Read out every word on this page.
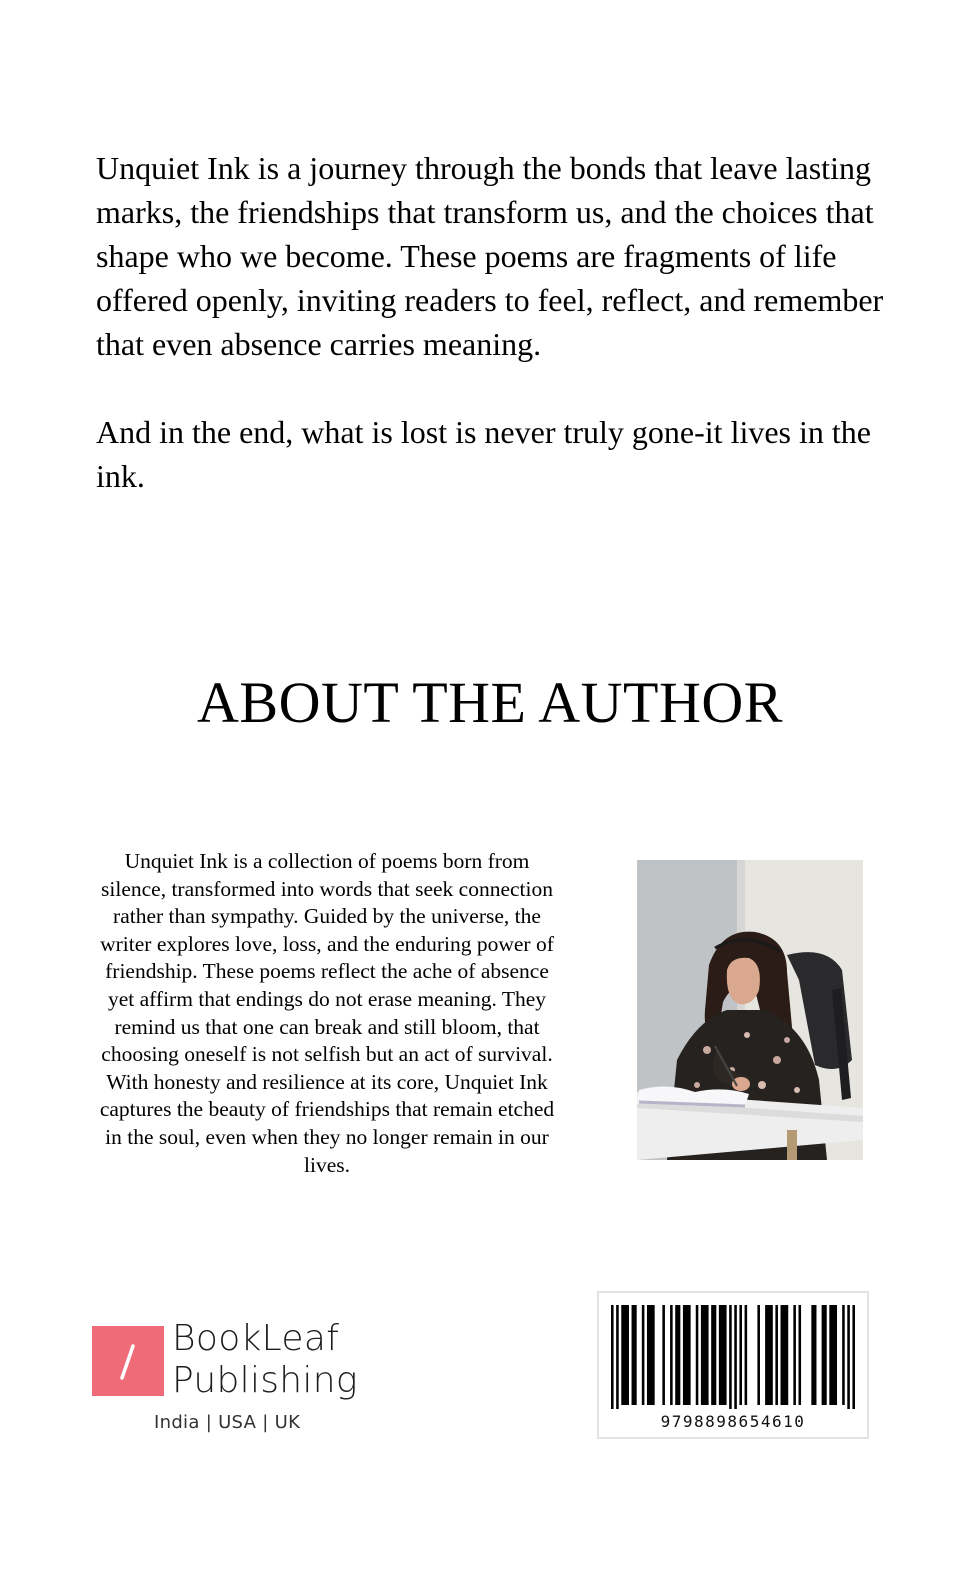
Unquiet Ink is a journey through the bonds that leave lasting marks, the friendships that transform us, and the choices that shape who we become. These poems are fragments of life offered openly, inviting readers to feel, reflect, and remember that even absence carries meaning.

And in the end, what is lost is never truly gone-it lives in the ink.

ABOUT THE AUTHOR
Unquiet Ink is a collection of poems born from silence, transformed into words that seek connection rather than sympathy. Guided by the universe, the writer explores love, loss, and the enduring power of friendship. These poems reflect the ache of absence yet affirm that endings do not erase meaning. They remind us that one can break and still bloom, that choosing oneself is not selfish but an act of survival. With honesty and resilience at its core, Unquiet Ink captures the beauty of friendships that remain etched in the soul, even when they no longer remain in our lives.
BookLeaf
Publishing
India | USA | UK	9798898654610
